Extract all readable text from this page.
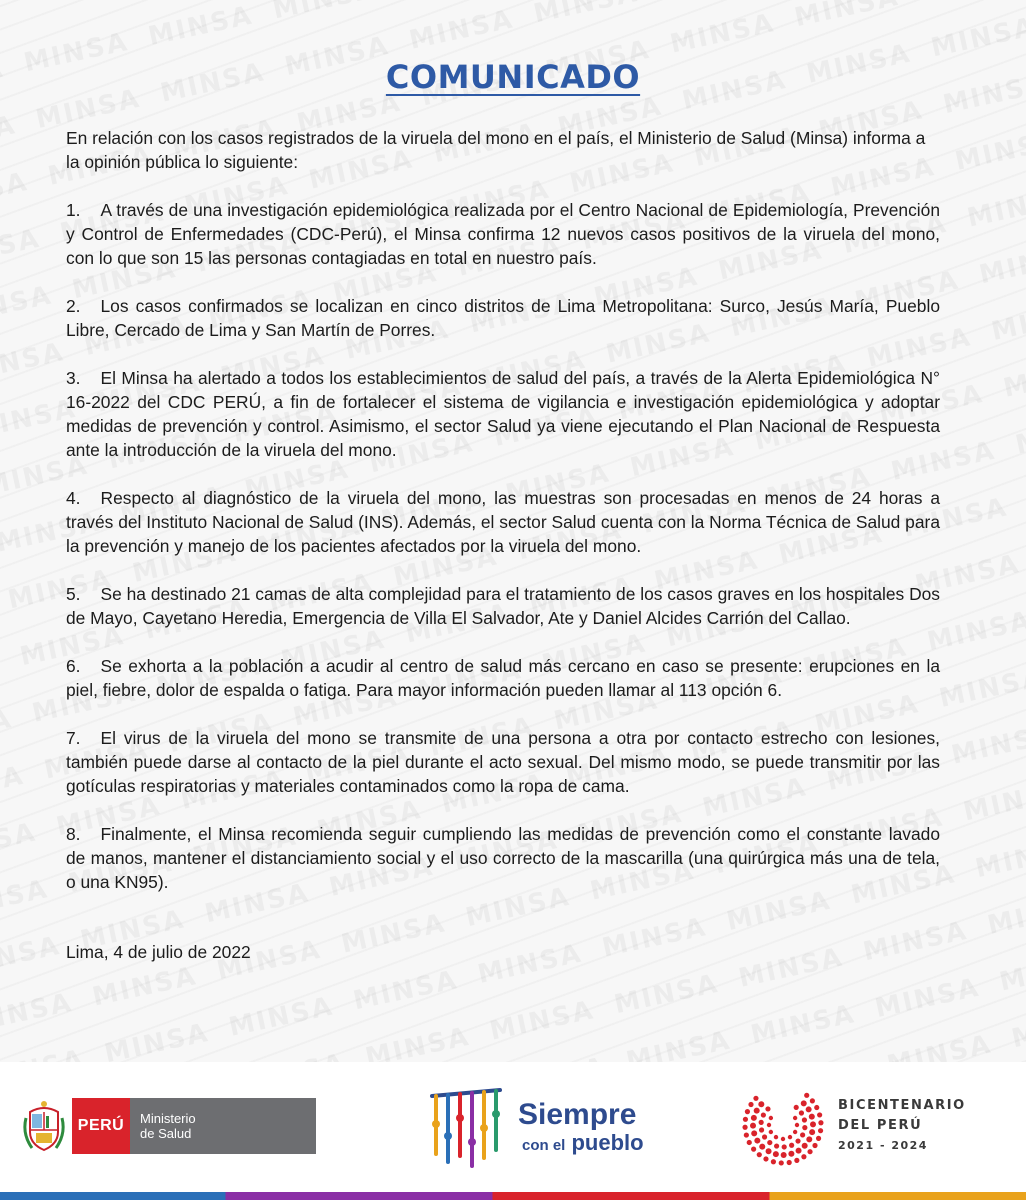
COMUNICADO

En relación con los casos registrados de la viruela del mono en el país, el Ministerio de Salud (Minsa) informa a la opinión pública lo siguiente:

1. A través de una investigación epidemiológica realizada por el Centro Nacional de Epidemiología, Prevención y Control de Enfermedades (CDC-Perú), el Minsa confirma 12 nuevos casos positivos de la viruela del mono, con lo que son 15 las personas contagiadas en total en nuestro país.

2. Los casos confirmados se localizan en cinco distritos de Lima Metropolitana: Surco, Jesús María, Pueblo Libre, Cercado de Lima y San Martín de Porres.

3. El Minsa ha alertado a todos los establecimientos de salud del país, a través de la Alerta Epidemiológica N° 16-2022 del CDC PERÚ, a fin de fortalecer el sistema de vigilancia e investigación epidemiológica y adoptar medidas de prevención y control. Asimismo, el sector Salud ya viene ejecutando el Plan Nacional de Respuesta ante la introducción de la viruela del mono.

4. Respecto al diagnóstico de la viruela del mono, las muestras son procesadas en menos de 24 horas a través del Instituto Nacional de Salud (INS). Además, el sector Salud cuenta con la Norma Técnica de Salud para la prevención y manejo de los pacientes afectados por la viruela del mono.

5. Se ha destinado 21 camas de alta complejidad para el tratamiento de los casos graves en los hospitales Dos de Mayo, Cayetano Heredia, Emergencia de Villa El Salvador, Ate y Daniel Alcides Carrión del Callao.

6. Se exhorta a la población a acudir al centro de salud más cercano en caso se presente: erupciones en la piel, fiebre, dolor de espalda o fatiga. Para mayor información pueden llamar al 113 opción 6.

7. El virus de la viruela del mono se transmite de una persona a otra por contacto estrecho con lesiones, también puede darse al contacto de la piel durante el acto sexual. Del mismo modo, se puede transmitir por las gotículas respiratorias y materiales contaminados como la ropa de cama.

8. Finalmente, el Minsa recomienda seguir cumpliendo las medidas de prevención como el constante lavado de manos, mantener el distanciamiento social y el uso correcto de la mascarilla (una quirúrgica más una de tela, o una KN95).

Lima, 4 de julio de 2022

PERÚ	Ministerio
de Salud
Siempre
con el pueblo
BICENTENARIO
DEL PERÚ
2021 - 2024
